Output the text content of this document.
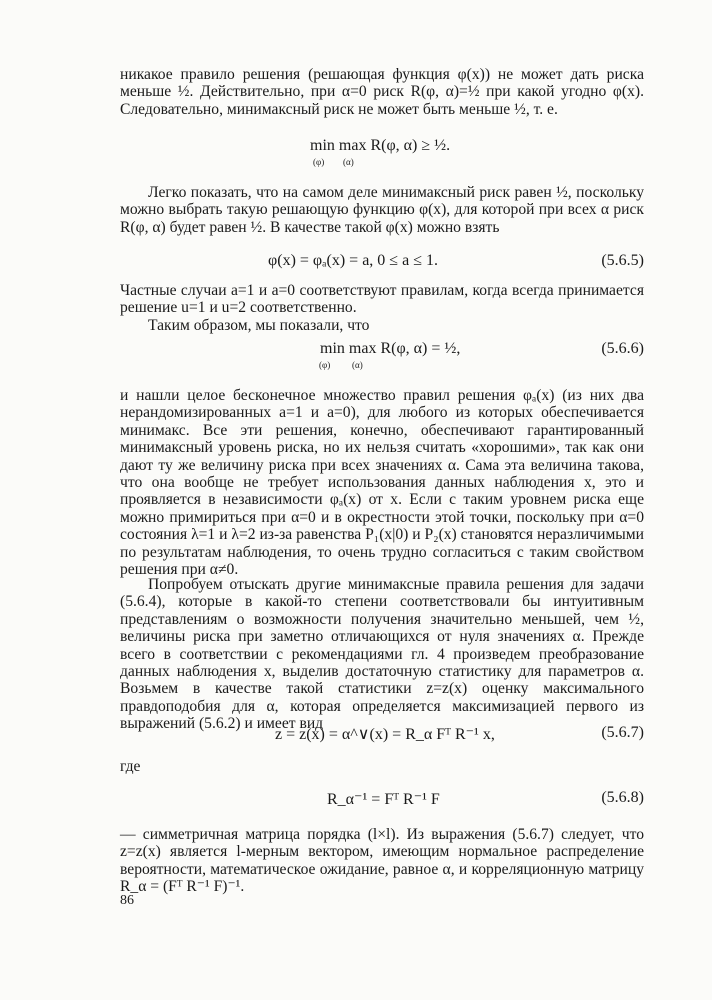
никакое правило решения (решающая функция φ(x)) не может дать риска меньше ½. Действительно, при α=0 риск R(φ, α)=½ при какой угодно φ(x). Следовательно, минимаксный риск не может быть меньше ½, т. е.

min max R(φ, α) ≥ ½.
(φ) (α)

Легко показать, что на самом деле минимаксный риск равен ½, поскольку можно выбрать такую решающую функцию φ(x), для которой при всех α риск R(φ, α) будет равен ½. В качестве такой φ(x) можно взять

φ(x) = φₐ(x) = a, 0 ≤ a ≤ 1.	(5.6.5)

Частные случаи a=1 и a=0 соответствуют правилам, когда всегда принимается решение u=1 и u=2 соответственно.

Таким образом, мы показали, что

min max R(φ, α) = ½,
(φ) (α)
(5.6.6)

и нашли целое бесконечное множество правил решения φₐ(x) (из них два нерандомизированных a=1 и a=0), для любого из которых обеспечивается минимакс. Все эти решения, конечно, обеспечивают гарантированный минимаксный уровень риска, но их нельзя считать «хорошими», так как они дают ту же величину риска при всех значениях α. Сама эта величина такова, что она вообще не требует использования данных наблюдения x, это и проявляется в независимости φₐ(x) от x. Если с таким уровнем риска еще можно примириться при α=0 и в окрестности этой точки, поскольку при α=0 состояния λ=1 и λ=2 из-за равенства P₁(x|0) и P₂(x) становятся неразличимыми по результатам наблюдения, то очень трудно согласиться с таким свойством решения при α≠0.

Попробуем отыскать другие минимаксные правила решения для задачи (5.6.4), которые в какой-то степени соответствовали бы интуитивным представлениям о возможности получения значительно меньшей, чем ½, величины риска при заметно отличающихся от нуля значениях α. Прежде всего в соответствии с рекомендациями гл. 4 произведем преобразование данных наблюдения x, выделив достаточную статистику для параметров α. Возьмем в качестве такой статистики z=z(x) оценку максимального правдоподобия для α, которая определяется максимизацией первого из выражений (5.6.2) и имеет вид

z = z(x) = α^∨(x) = R_α Fᵀ R⁻¹ x,	(5.6.7)
где
R_α⁻¹ = Fᵀ R⁻¹ F	(5.6.8)

— симметричная матрица порядка (l×l). Из выражения (5.6.7) следует, что z=z(x) является l-мерным вектором, имеющим нормальное распределение вероятности, математическое ожидание, равное α, и корреляционную матрицу R_α = (Fᵀ R⁻¹ F)⁻¹.

86
